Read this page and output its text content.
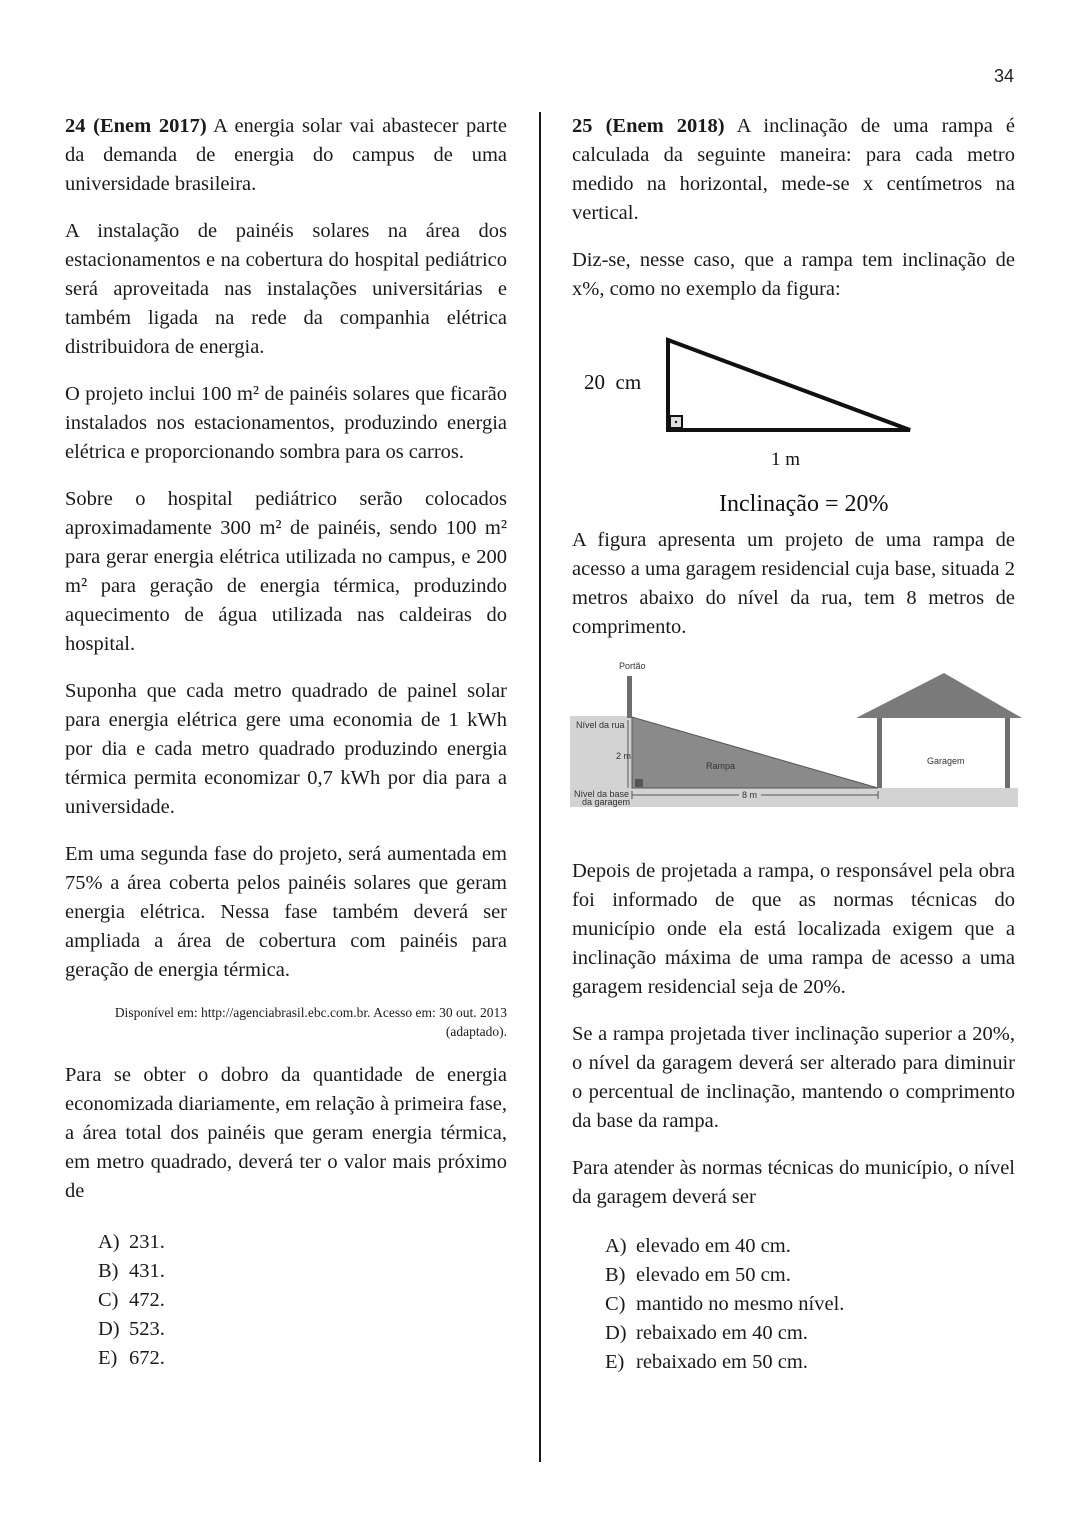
34

24 (Enem 2017) A energia solar vai abastecer parte da demanda de energia do campus de uma universidade brasileira.

A instalação de painéis solares na área dos estacionamentos e na cobertura do hospital pediátrico será aproveitada nas instalações universitárias e também ligada na rede da companhia elétrica distribuidora de energia.

O projeto inclui 100 m² de painéis solares que ficarão instalados nos estacionamentos, produzindo energia elétrica e proporcionando sombra para os carros.

Sobre o hospital pediátrico serão colocados aproximadamente 300 m² de painéis, sendo 100 m² para gerar energia elétrica utilizada no campus, e 200 m² para geração de energia térmica, produzindo aquecimento de água utilizada nas caldeiras do hospital.

Suponha que cada metro quadrado de painel solar para energia elétrica gere uma economia de 1 kWh por dia e cada metro quadrado produzindo energia térmica permita economizar 0,7 kWh por dia para a universidade.

Em uma segunda fase do projeto, será aumentada em 75% a área coberta pelos painéis solares que geram energia elétrica. Nessa fase também deverá ser ampliada a área de cobertura com painéis para geração de energia térmica.

Disponível em: http://agenciabrasil.ebc.com.br. Acesso em: 30 out. 2013
(adaptado).

Para se obter o dobro da quantidade de energia economizada diariamente, em relação à primeira fase, a área total dos painéis que geram energia térmica, em metro quadrado, deverá ter o valor mais próximo de

A) 231.
B) 431.
C) 472.
D) 523.
E) 672.

25 (Enem 2018) A inclinação de uma rampa é calculada da seguinte maneira: para cada metro medido na horizontal, mede-se x centímetros na vertical.

Diz-se, nesse caso, que a rampa tem inclinação de x%, como no exemplo da figura:

20  cm
1 m
Inclinação = 20%

A figura apresenta um projeto de uma rampa de acesso a uma garagem residencial cuja base, situada 2 metros abaixo do nível da rua, tem 8 metros de comprimento.

Portão
Rampa
Nível da rua
2 m
Nível da base
da garagem
8 m
Garagem

Depois de projetada a rampa, o responsável pela obra foi informado de que as normas técnicas do município onde ela está localizada exigem que a inclinação máxima de uma rampa de acesso a uma garagem residencial seja de 20%.

Se a rampa projetada tiver inclinação superior a 20%, o nível da garagem deverá ser alterado para diminuir o percentual de inclinação, mantendo o comprimento da base da rampa.

Para atender às normas técnicas do município, o nível da garagem deverá ser

A) elevado em 40 cm.
B) elevado em 50 cm.
C) mantido no mesmo nível.
D) rebaixado em 40 cm.
E) rebaixado em 50 cm.
